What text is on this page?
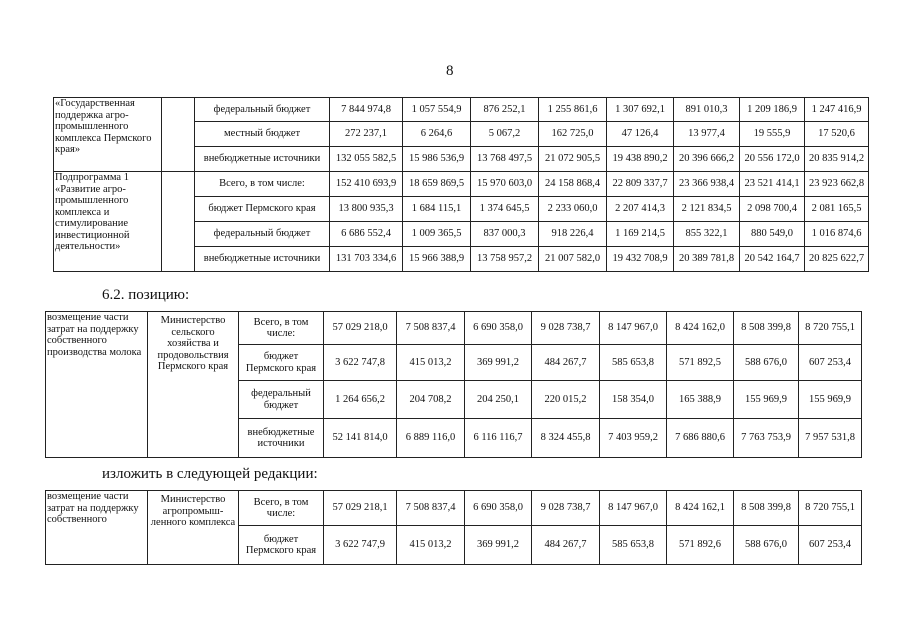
8
«Государственная поддержка агро-промышленного комплекса Пермского края»		федеральный бюджет	7 844 974,8	1 057 554,9	876 252,1	1 255 861,6	1 307 692,1	891 010,3	1 209 186,9	1 247 416,9
		местный бюджет	272 237,1	6 264,6	5 067,2	162 725,0	47 126,4	13 977,4	19 555,9	17 520,6
		внебюджетные источники	132 055 582,5	15 986 536,9	13 768 497,5	21 072 905,5	19 438 890,2	20 396 666,2	20 556 172,0	20 835 914,2
Подпрограмма 1 «Развитие агро-промышленного комплекса и стимулирование инвестиционной деятельности»		Всего, в том числе:	152 410 693,9	18 659 869,5	15 970 603,0	24 158 868,4	22 809 337,7	23 366 938,4	23 521 414,1	23 923 662,8
		бюджет Пермского края	13 800 935,3	1 684 115,1	1 374 645,5	2 233 060,0	2 207 414,3	2 121 834,5	2 098 700,4	2 081 165,5
		федеральный бюджет	6 686 552,4	1 009 365,5	837 000,3	918 226,4	1 169 214,5	855 322,1	880 549,0	1 016 874,6
		внебюджетные источники	131 703 334,6	15 966 388,9	13 758 957,2	21 007 582,0	19 432 708,9	20 389 781,8	20 542 164,7	20 825 622,7
6.2. позицию:
возмещение части затрат на поддержку собственного производства молока	Министерство сельского хозяйства и продовольствия Пермского края	Всего, в том числе:	57 029 218,0	7 508 837,4	6 690 358,0	9 028 738,7	8 147 967,0	8 424 162,0	8 508 399,8	8 720 755,1
		бюджет Пермского края	3 622 747,8	415 013,2	369 991,2	484 267,7	585 653,8	571 892,5	588 676,0	607 253,4
		федеральный бюджет	1 264 656,2	204 708,2	204 250,1	220 015,2	158 354,0	165 388,9	155 969,9	155 969,9
		внебюджетные источники	52 141 814,0	6 889 116,0	6 116 116,7	8 324 455,8	7 403 959,2	7 686 880,6	7 763 753,9	7 957 531,8
изложить в следующей редакции:
возмещение части затрат на поддержку собственного	Министерство агропромыш-ленного комплекса	Всего, в том числе:	57 029 218,1	7 508 837,4	6 690 358,0	9 028 738,7	8 147 967,0	8 424 162,1	8 508 399,8	8 720 755,1
		бюджет Пермского края	3 622 747,9	415 013,2	369 991,2	484 267,7	585 653,8	571 892,6	588 676,0	607 253,4
